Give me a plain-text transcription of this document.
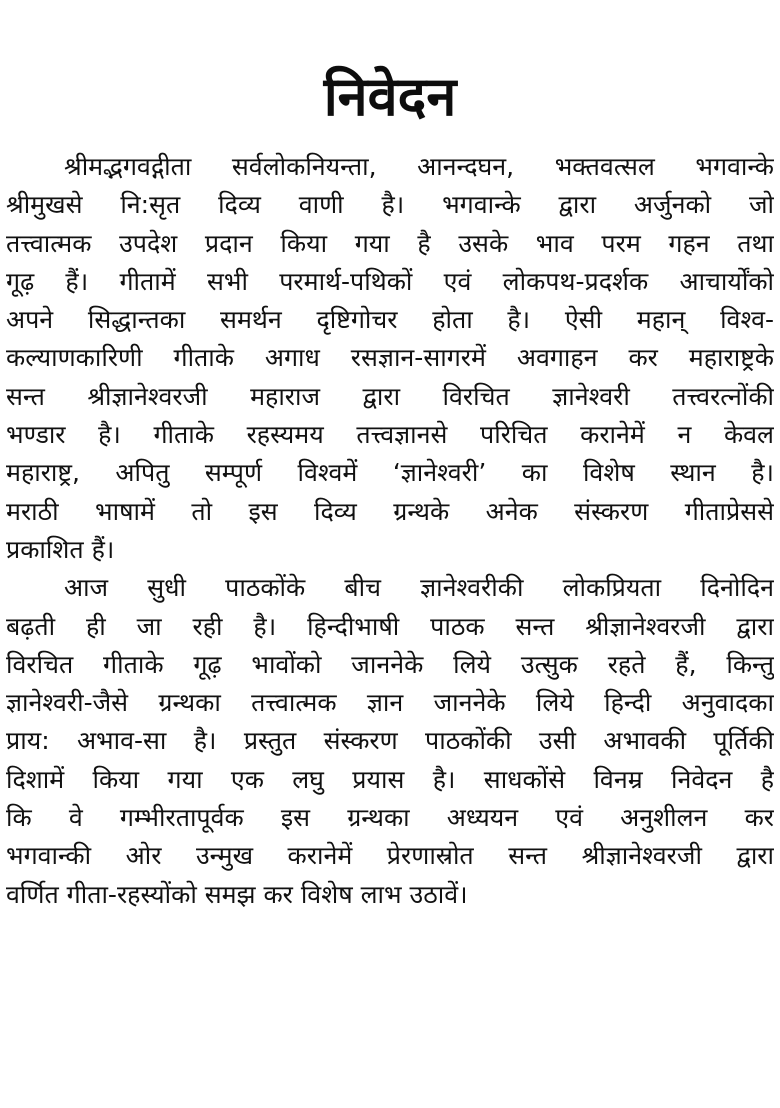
निवेदन
श्रीमद्भगवद्गीता सर्वलोकनियन्ता, आनन्दघन, भक्तवत्सल भगवान्के
श्रीमुखसे नि:सृत दिव्य वाणी है। भगवान्के द्वारा अर्जुनको जो
तत्त्वात्मक उपदेश प्रदान किया गया है उसके भाव परम गहन तथा
गूढ़ हैं। गीतामें सभी परमार्थ-पथिकों एवं लोकपथ-प्रदर्शक आचार्योंको
अपने सिद्धान्तका समर्थन दृष्टिगोचर होता है। ऐसी महान् विश्व-
कल्याणकारिणी गीताके अगाध रसज्ञान-सागरमें अवगाहन कर महाराष्ट्रके
सन्त श्रीज्ञानेश्वरजी महाराज द्वारा विरचित ज्ञानेश्वरी तत्त्वरत्नोंकी
भण्डार है। गीताके रहस्यमय तत्त्वज्ञानसे परिचित करानेमें न केवल
महाराष्ट्र, अपितु सम्पूर्ण विश्वमें ‘ज्ञानेश्वरी’ का विशेष स्थान है।
मराठी भाषामें तो इस दिव्य ग्रन्थके अनेक संस्करण गीताप्रेससे
प्रकाशित हैं।
आज सुधी पाठकोंके बीच ज्ञानेश्वरीकी लोकप्रियता दिनोदिन
बढ़ती ही जा रही है। हिन्दीभाषी पाठक सन्त श्रीज्ञानेश्वरजी द्वारा
विरचित गीताके गूढ़ भावोंको जाननेके लिये उत्सुक रहते हैं, किन्तु
ज्ञानेश्वरी-जैसे ग्रन्थका तत्त्वात्मक ज्ञान जाननेके लिये हिन्दी अनुवादका
प्राय: अभाव-सा है। प्रस्तुत संस्करण पाठकोंकी उसी अभावकी पूर्तिकी
दिशामें किया गया एक लघु प्रयास है। साधकोंसे विनम्र निवेदन है
कि वे गम्भीरतापूर्वक इस ग्रन्थका अध्ययन एवं अनुशीलन कर
भगवान्की ओर उन्मुख करानेमें प्रेरणास्रोत सन्त श्रीज्ञानेश्वरजी द्वारा
वर्णित गीता-रहस्योंको समझ कर विशेष लाभ उठावें।
